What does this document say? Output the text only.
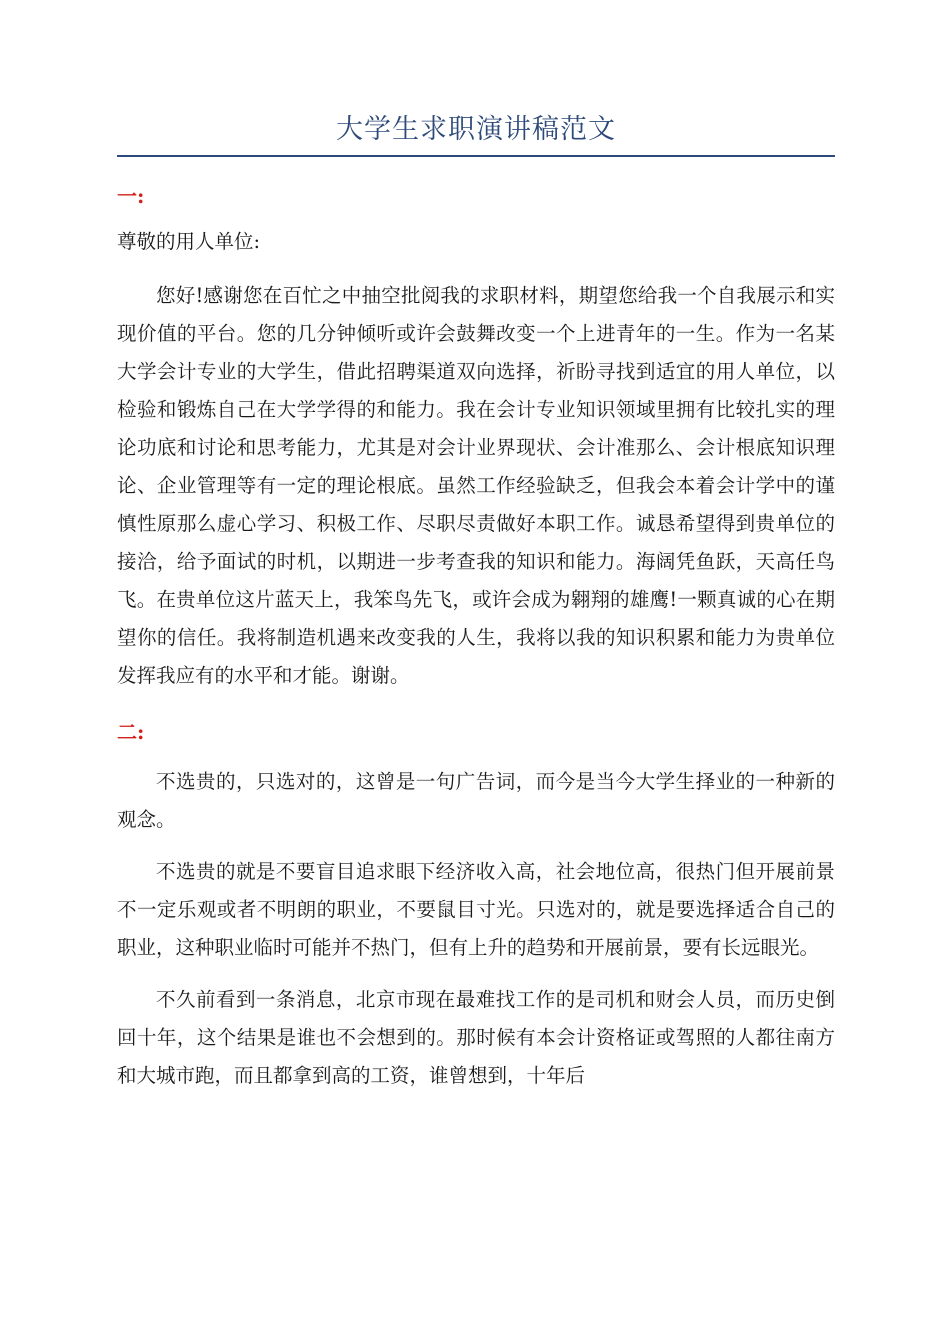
大学生求职演讲稿范文
一:
尊敬的用人单位:

您好!感谢您在百忙之中抽空批阅我的求职材料，期望您给我一个自我展示和实现价值的平台。您的几分钟倾听或许会鼓舞改变一个上进青年的一生。作为一名某大学会计专业的大学生，借此招聘渠道双向选择，祈盼寻找到适宜的用人单位，以检验和锻炼自己在大学学得的和能力。我在会计专业知识领域里拥有比较扎实的理论功底和讨论和思考能力，尤其是对会计业界现状、会计准那么、会计根底知识理论、企业管理等有一定的理论根底。虽然工作经验缺乏，但我会本着会计学中的谨慎性原那么虚心学习、积极工作、尽职尽责做好本职工作。诚恳希望得到贵单位的接洽，给予面试的时机，以期进一步考查我的知识和能力。海阔凭鱼跃，天高任鸟飞。在贵单位这片蓝天上，我笨鸟先飞，或许会成为翱翔的雄鹰!一颗真诚的心在期望你的信任。我将制造机遇来改变我的人生，我将以我的知识积累和能力为贵单位发挥我应有的水平和才能。谢谢。

二:

不选贵的，只选对的，这曾是一句广告词，而今是当今大学生择业的一种新的观念。

不选贵的就是不要盲目追求眼下经济收入高，社会地位高，很热门但开展前景不一定乐观或者不明朗的职业，不要鼠目寸光。只选对的，就是要选择适合自己的职业，这种职业临时可能并不热门，但有上升的趋势和开展前景，要有长远眼光。

不久前看到一条消息，北京市现在最难找工作的是司机和财会人员，而历史倒回十年，这个结果是谁也不会想到的。那时候有本会计资格证或驾照的人都往南方和大城市跑，而且都拿到高的工资，谁曾想到，十年后
